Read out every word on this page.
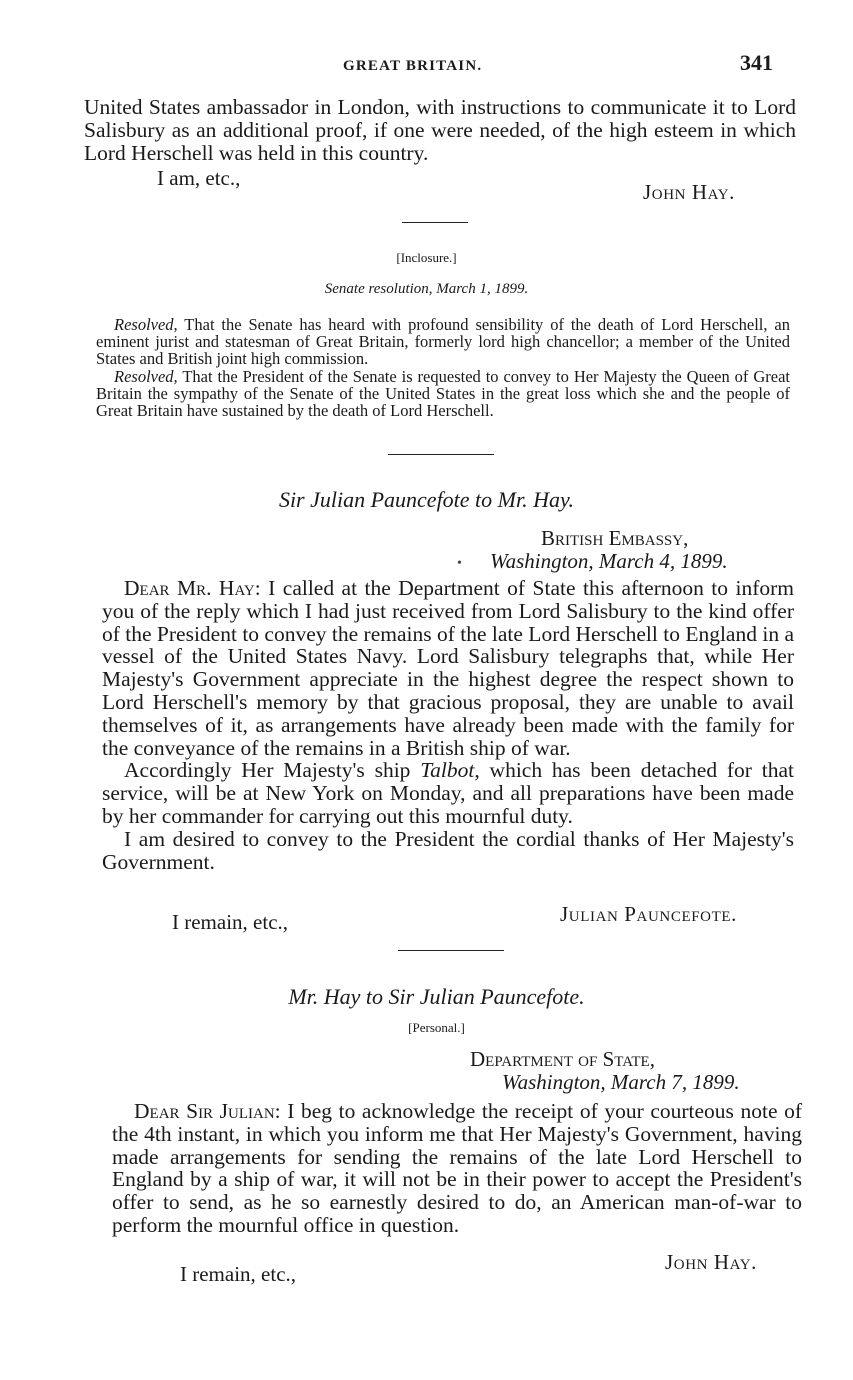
GREAT BRITAIN.	341

United States ambassador in London, with instructions to communicate it to Lord Salisbury as an additional proof, if one were needed, of the high esteem in which Lord Herschell was held in this country.

I am, etc.,
John Hay.
[Inclosure.]
Senate resolution, March 1, 1899.

Resolved, That the Senate has heard with profound sensibility of the death of Lord Herschell, an eminent jurist and statesman of Great Britain, formerly lord high chancellor; a member of the United States and British joint high commission.

Resolved, That the President of the Senate is requested to convey to Her Majesty the Queen of Great Britain the sympathy of the Senate of the United States in the great loss which she and the people of Great Britain have sustained by the death of Lord Herschell.

Sir Julian Pauncefote to Mr. Hay.
British Embassy,
Washington, March 4, 1899.
•

Dear Mr. Hay: I called at the Department of State this afternoon to inform you of the reply which I had just received from Lord Salisbury to the kind offer of the President to convey the remains of the late Lord Herschell to England in a vessel of the United States Navy. Lord Salisbury telegraphs that, while Her Majesty's Government appreciate in the highest degree the respect shown to Lord Herschell's memory by that gracious proposal, they are unable to avail themselves of it, as arrangements have already been made with the family for the conveyance of the remains in a British ship of war.

Accordingly Her Majesty's ship Talbot, which has been detached for that service, will be at New York on Monday, and all preparations have been made by her commander for carrying out this mournful duty.

I am desired to convey to the President the cordial thanks of Her Majesty's Government.

I remain, etc.,	Julian Pauncefote.
Mr. Hay to Sir Julian Pauncefote.
[Personal.]
Department of State,
Washington, March 7, 1899.

Dear Sir Julian: I beg to acknowledge the receipt of your courteous note of the 4th instant, in which you inform me that Her Majesty's Government, having made arrangements for sending the remains of the late Lord Herschell to England by a ship of war, it will not be in their power to accept the President's offer to send, as he so earnestly desired to do, an American man-of-war to perform the mournful office in question.

I remain, etc.,	John Hay.
